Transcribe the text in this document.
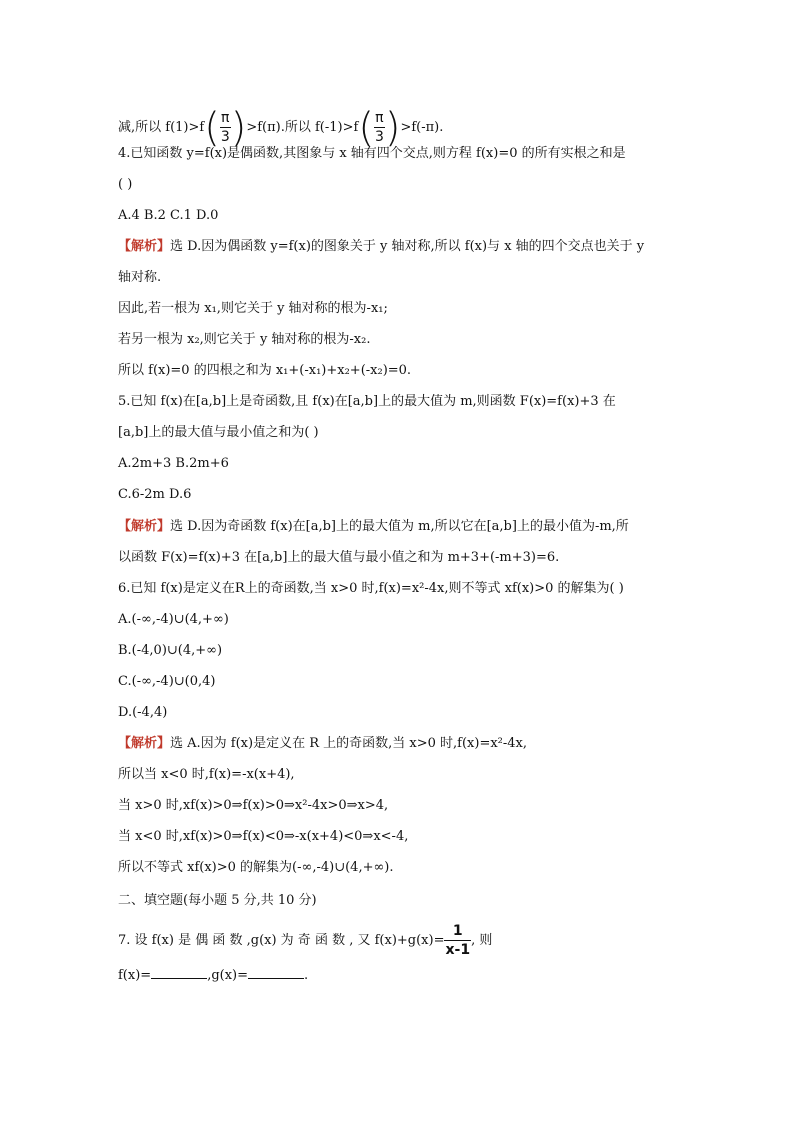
减,所以 $f(1)>f( \frac{\pi}{3} )>f(\pi)$.所以 $f(-1)>f( \frac{\pi}{3} )>f(-\pi)$.
4.已知函数 y=f(x)是偶函数,其图象与 x 轴有四个交点,则方程 f(x)=0 的所有实根之和是
( )
A.4 B.2 C.1 D.0
【解析】选 D.因为偶函数 y=f(x)的图象关于 y 轴对称,所以 f(x)与 x 轴的四个交点也关于 y
轴对称.
因此,若一根为 x₁,则它关于 y 轴对称的根为-x₁;
若另一根为 x₂,则它关于 y 轴对称的根为-x₂.
所以 f(x)=0 的四根之和为 x₁+(-x₁)+x₂+(-x₂)=0.
5.已知 f(x)在[a,b]上是奇函数,且 f(x)在[a,b]上的最大值为 m,则函数 F(x)=f(x)+3 在
[a,b]上的最大值与最小值之和为( )
A.2m+3 B.2m+6
C.6-2m D.6
【解析】选 D.因为奇函数 f(x)在[a,b]上的最大值为 m,所以它在[a,b]上的最小值为-m,所
以函数 F(x)=f(x)+3 在[a,b]上的最大值与最小值之和为 m+3+(-m+3)=6.
6.已知 f(x)是定义在R上的奇函数,当 x>0 时,f(x)=x²-4x,则不等式 xf(x)>0 的解集为( )
A.(-∞,-4)∪(4,+∞)
B.(-4,0)∪(4,+∞)
C.(-∞,-4)∪(0,4)
D.(-4,4)
【解析】选 A.因为 f(x)是定义在 R 上的奇函数,当 x>0 时,f(x)=x²-4x,
所以当 x<0 时,f(x)=-x(x+4),
当 x>0 时,xf(x)>0⇒f(x)>0⇒x²-4x>0⇒x>4,
当 x<0 时,xf(x)>0⇒f(x)<0⇒-x(x+4)<0⇒x<-4,
所以不等式 xf(x)>0 的解集为(-∞,-4)∪(4,+∞).
二、填空题(每小题 5 分,共 10 分)
7. 设 f(x) 是 偶 函 数 ,g(x) 为 奇 函 数 , 又 $f(x)+g(x)= \frac{1}{x-1}$ , 则
f(x)=	,g(x)=	.
